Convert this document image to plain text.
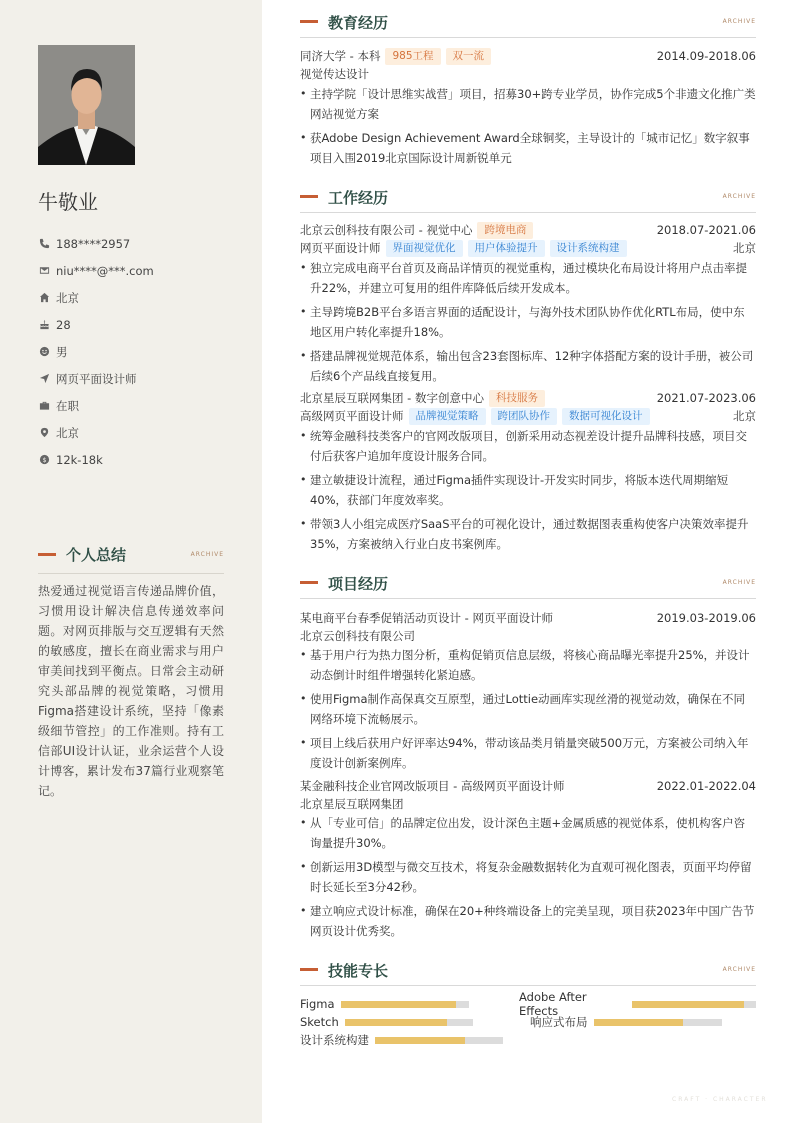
牛敬业
188****2957
niu****@***.com
北京
28
男
网页平面设计师
在职
北京
$ 12k-18k
个人总结	ARCHIVE
热爱通过视觉语言传递品牌价值，习惯用设计解决信息传递效率问题。对网页排版与交互逻辑有天然的敏感度，擅长在商业需求与用户审美间找到平衡点。日常会主动研究头部品牌的视觉策略，习惯用Figma搭建设计系统，坚持「像素级细节管控」的工作准则。持有工信部UI设计认证，业余运营个人设计博客，累计发布37篇行业观察笔记。
教育经历	ARCHIVE
同济大学 - 本科	985工程	双一流	2014.09-2018.06
视觉传达设计
• 主持学院「设计思维实战营」项目，招募30+跨专业学员，协作完成5个非遗文化推广类网站视觉方案
• 获Adobe Design Achievement Award全球铜奖，主导设计的「城市记忆」数字叙事项目入围2019北京国际设计周新锐单元
工作经历	ARCHIVE
北京云创科技有限公司 - 视觉中心	跨境电商	2018.07-2021.06
网页平面设计师	界面视觉优化	用户体验提升	设计系统构建	北京
• 独立完成电商平台首页及商品详情页的视觉重构，通过模块化布局设计将用户点击率提升22%，并建立可复用的组件库降低后续开发成本。
• 主导跨境B2B平台多语言界面的适配设计，与海外技术团队协作优化RTL布局，使中东地区用户转化率提升18%。
• 搭建品牌视觉规范体系，输出包含23套图标库、12种字体搭配方案的设计手册，被公司后续6个产品线直接复用。
北京星辰互联网集团 - 数字创意中心	科技服务	2021.07-2023.06
高级网页平面设计师	品牌视觉策略	跨团队协作	数据可视化设计	北京
• 统筹金融科技类客户的官网改版项目，创新采用动态视差设计提升品牌科技感，项目交付后获客户追加年度设计服务合同。
• 建立敏捷设计流程，通过Figma插件实现设计-开发实时同步，将版本迭代周期缩短40%，获部门年度效率奖。
• 带领3人小组完成医疗SaaS平台的可视化设计，通过数据图表重构使客户决策效率提升35%，方案被纳入行业白皮书案例库。
项目经历	ARCHIVE
某电商平台春季促销活动页设计 - 网页平面设计师	2019.03-2019.06
北京云创科技有限公司
• 基于用户行为热力图分析，重构促销页信息层级，将核心商品曝光率提升25%，并设计动态倒计时组件增强转化紧迫感。
• 使用Figma制作高保真交互原型，通过Lottie动画库实现丝滑的视觉动效，确保在不同网络环境下流畅展示。
• 项目上线后获用户好评率达94%，带动该品类月销量突破500万元，方案被公司纳入年度设计创新案例库。
某金融科技企业官网改版项目 - 高级网页平面设计师	2022.01-2022.04
北京星辰互联网集团
• 从「专业可信」的品牌定位出发，设计深色主题+金属质感的视觉体系，使机构客户咨询量提升30%。
• 创新运用3D模型与微交互技术，将复杂金融数据转化为直观可视化图表，页面平均停留时长延长至3分42秒。
• 建立响应式设计标准，确保在20+种终端设备上的完美呈现，项目获2023年中国广告节网页设计优秀奖。
技能专长	ARCHIVE
Figma	Adobe After Effects
Sketch	响应式布局
设计系统构建
CRAFT · CHARACTER
